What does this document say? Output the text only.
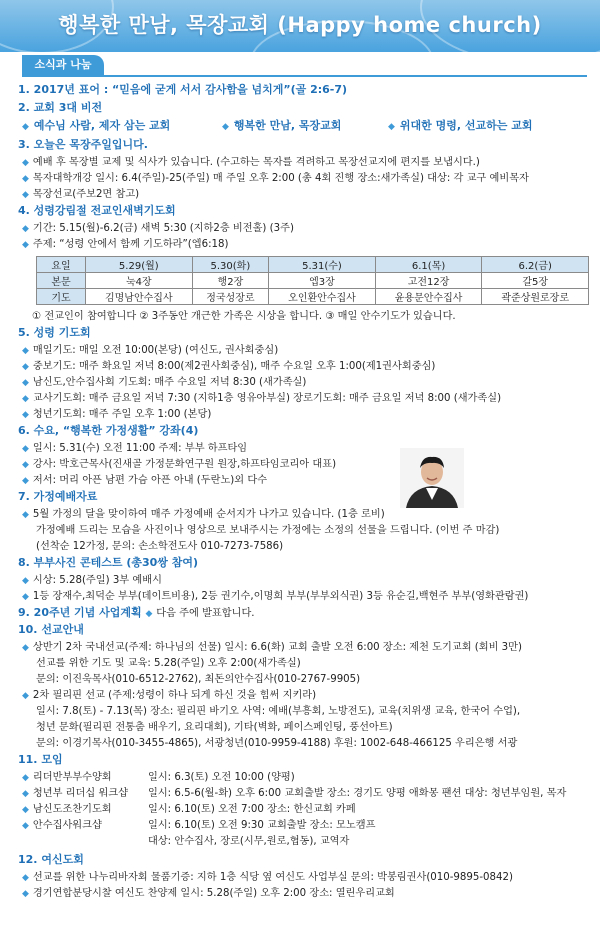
행복한 만남, 목장교회 (Happy home church)
소식과 나눔
1. 2017년 표어 : “믿음에 굳게 서서 감사함을 넘치게”(골 2:6-7)
2. 교회 3대 비전
◆ 예수님 사람, 제자 삼는 교회	◆ 행복한 만남, 목장교회	◆ 위대한 명령, 선교하는 교회
3. 오늘은 목장주일입니다.
◆ 예배 후 목장별 교제 및 식사가 있습니다. (수고하는 목자를 격려하고 목장선교지에 편지를 보냅시다.)
◆ 목자대학개강 일시: 6.4(주일)-25(주일) 매 주일 오후 2:00 (총 4회 진행 장소:새가족실) 대상: 각 교구 예비목자
◆ 목장선교(주보2면 참고)
4. 성령강림절 전교인새벽기도회
◆ 기간: 5.15(월)-6.2(금) 새벽 5:30 (지하2층 비전홀) (3주)
◆ 주제: “성령 안에서 함께 기도하라”(엡6:18)
요일	5.29(월)	5.30(화)	5.31(수)	6.1(목)	6.2(금)
본문	눅4장	행2장	엡3장	고전12장	갈5장
기도	김명남안수집사	정국성장로	오인환안수집사	윤용문안수집사	곽준상원로장로
① 전교인이 참여합니다 ② 3주동안 개근한 가족은 시상을 합니다. ③ 매일 안수기도가 있습니다.
5. 성령 기도회
◆ 매일기도: 매일 오전 10:00(본당) (여신도, 권사회중심)
◆ 중보기도: 매주 화요일 저녁 8:00(제2권사회중심), 매주 수요일 오후 1:00(제1권사회중심)
◆ 남신도,안수집사회 기도회: 매주 수요일 저녁 8:30 (새가족실)
◆ 교사기도회: 매주 금요일 저녁 7:30 (지하1층 영유아부실) 장로기도회: 매주 금요일 저녁 8:00 (새가족실)
◆ 청년기도회: 매주 주일 오후 1:00 (본당)
6. 수요, “행복한 가정생활” 강좌(4)
◆ 일시: 5.31(수) 오전 11:00 주제: 부부 하프타임
◆ 강사: 박호근목사(진새골 가정문화연구원 원장,하프타임코리아 대표)
◆ 저서: 머리 아픈 남편 가슴 아픈 아내 (두란노)외 다수
7. 가정예배자료
◆ 5월 가정의 달을 맞이하여 매주 가정예배 순서지가 나가고 있습니다. (1층 로비)
가정예배 드리는 모습을 사진이나 영상으로 보내주시는 가정에는 소정의 선물을 드립니다. (이번 주 마감)
(선착순 12가정, 문의: 손소학전도사 010-7273-7586)
8. 부부사진 콘테스트 (총30쌍 참여)
◆ 시상: 5.28(주일) 3부 예배시
◆ 1등 장재수,최덕순 부부(데이트비용), 2등 권기수,이명희 부부(부부외식권) 3등 유순길,백현주 부부(영화관람권)
9. 20주년 기념 사업계획 ◆ 다음 주에 발표합니다.
10. 선교안내
◆ 상반기 2차 국내선교(주제: 하나님의 선물) 일시: 6.6(화) 교회 출발 오전 6:00 장소: 제천 도기교회 (회비 3만)
선교를 위한 기도 및 교육: 5.28(주일) 오후 2:00(새가족실)
문의: 이진욱목사(010-6512-2762), 최돈의안수집사(010-2767-9905)
◆ 2차 필리핀 선교 (주제:성령이 하나 되게 하신 것을 힘써 지키라)
일시: 7.8(토) - 7.13(목) 장소: 필리핀 바기오 사역: 예배(부흥회, 노방전도), 교육(치위생 교육, 한국어 수업),
청년 문화(필리핀 전통춤 배우기, 요리대회), 기타(벽화, 페이스페인팅, 풍선아트)
문의: 이경기목사(010-3455-4865), 서광청년(010-9959-4188) 후원: 1002-648-466125 우리은행 서광
11. 모임
◆ 리더반부부수양회	일시: 6.3(토) 오전 10:00 (양평)
◆ 청년부 리더십 워크샵 일시: 6.5-6(월-화) 오후 6:00 교회출발 장소: 경기도 양평 애화몽 팬션 대상: 청년부임원, 목자
◆ 남신도조찬기도회	일시: 6.10(토) 오전 7:00 장소: 한신교회 카페
◆ 안수집사워크샵	일시: 6.10(토) 오전 9:30 교회출발 장소: 모노캠프
대상: 안수집사, 장로(시무,원로,협동), 교역자
12. 여신도회
◆ 선교를 위한 나누리바자회 물품기증: 지하 1층 식당 옆 여신도 사업부실 문의: 박봉림권사(010-9895-0842)
◆ 경기연합분당시찰 여신도 찬양제 일시: 5.28(주일) 오후 2:00 장소: 열린우리교회
